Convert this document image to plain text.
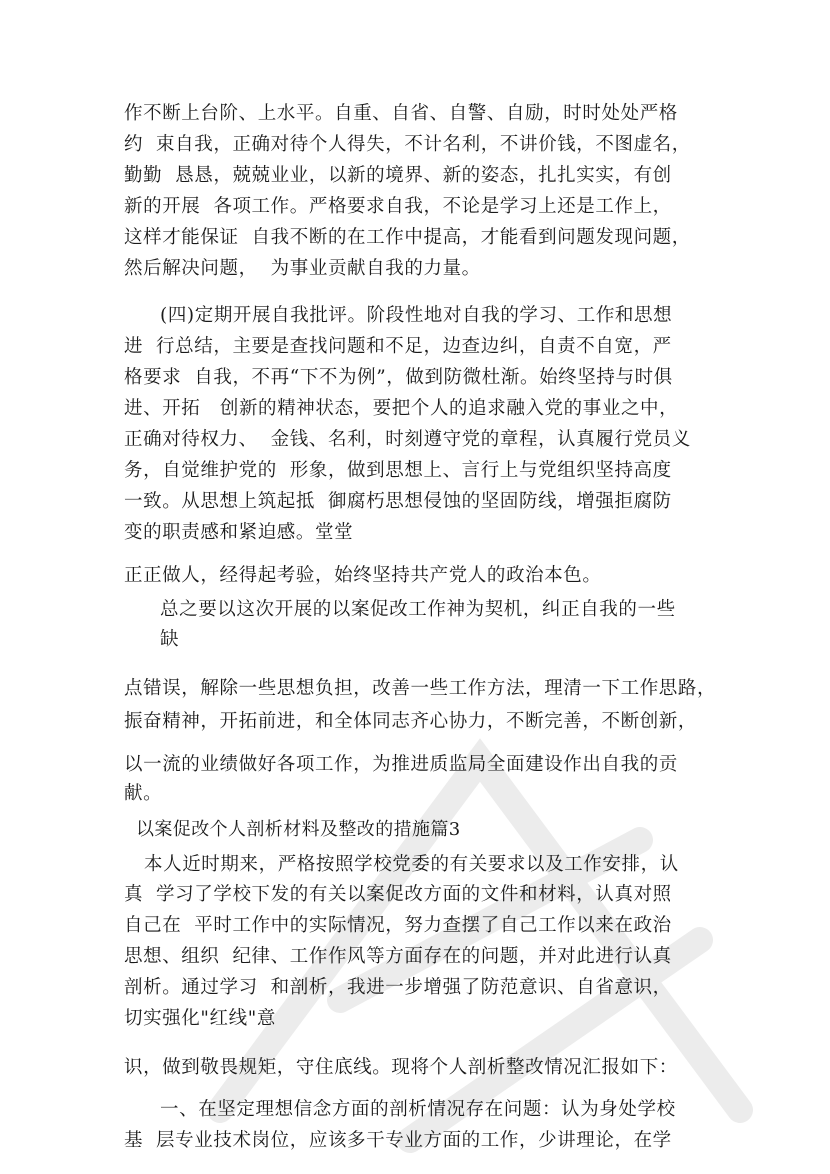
作不断上台阶、上水平。自重、自省、自警、自励，时时处处严格
约  束自我，正确对待个人得失，不计名利，不讲价钱，不图虚名，
勤勤  恳恳，兢兢业业，以新的境界、新的姿态，扎扎实实，有创
新的开展  各项工作。严格要求自我，不论是学习上还是工作上，
这样才能保证  自我不断的在工作中提高，才能看到问题发现问题，
然后解决问题，  为事业贡献自我的力量。
(四)定期开展自我批评。阶段性地对自我的学习、工作和思想
进  行总结，主要是查找问题和不足，边查边纠，自责不自宽，严
格要求  自我，不再“下不为例”，做到防微杜渐。始终坚持与时俱
进、开拓   创新的精神状态，要把个人的追求融入党的事业之中，
正确对待权力、  金钱、名利，时刻遵守党的章程，认真履行党员义
务，自觉维护党的  形象，做到思想上、言行上与党组织坚持高度
一致。从思想上筑起抵  御腐朽思想侵蚀的坚固防线，增强拒腐防
变的职责感和紧迫感。堂堂
正正做人，经得起考验，始终坚持共产党人的政治本色。
总之要以这次开展的以案促改工作神为契机，纠正自我的一些
缺
点错误，解除一些思想负担，改善一些工作方法，理清一下工作思路，
振奋精神，开拓前进，和全体同志齐心协力，不断完善，不断创新，
以一流的业绩做好各项工作，为推进质监局全面建设作出自我的贡
献。
以案促改个人剖析材料及整改的措施篇3
本人近时期来，严格按照学校党委的有关要求以及工作安排，认
真  学习了学校下发的有关以案促改方面的文件和材料，认真对照
自己在  平时工作中的实际情况，努力查摆了自己工作以来在政治
思想、组织  纪律、工作作风等方面存在的问题，并对此进行认真
剖析。通过学习  和剖析，我进一步增强了防范意识、自省意识，
切实强化"红线"意
识，做到敬畏规矩，守住底线。现将个人剖析整改情况汇报如下：
一、在坚定理想信念方面的剖析情况存在问题：认为身处学校
基  层专业技术岗位，应该多干专业方面的工作，少讲理论，在学
